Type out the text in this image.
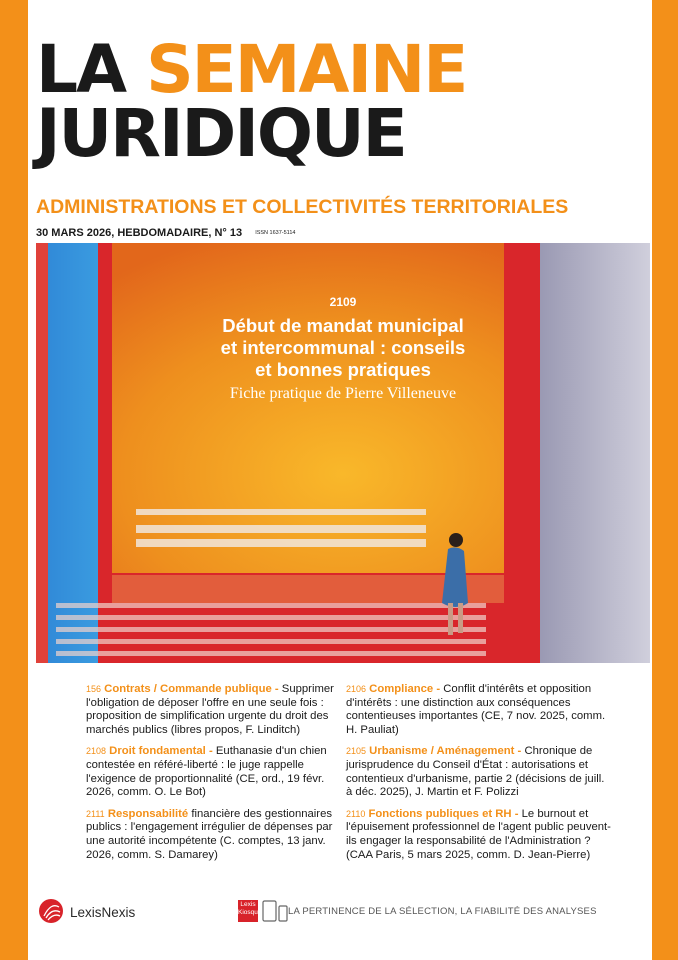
LA SEMAINE
JURIDIQUE
ADMINISTRATIONS ET COLLECTIVITÉS TERRITORIALES
30 MARS 2026, HEBDOMADAIRE, N° 13 ISSN 1637-5114
2109
Début de mandat municipal
et intercommunal : conseils
et bonnes pratiques
Fiche pratique de Pierre Villeneuve
156 Contrats / Commande publique - Supprimer l'obligation de déposer l'offre en une seule fois : proposition de simplification urgente du droit des marchés publics (libres propos, F. Linditch)
2108 Droit fondamental - Euthanasie d'un chien contestée en référé-liberté : le juge rappelle l'exigence de proportionnalité (CE, ord., 19 févr. 2026, comm. O. Le Bot)
2111 Responsabilité financière des gestionnaires publics : l'engagement irrégulier de dépenses par une autorité incompétente (C. comptes, 13 janv. 2026, comm. S. Damarey)
2106 Compliance - Conflit d'intérêts et opposition d'intérêts : une distinction aux conséquences contentieuses importantes (CE, 7 nov. 2025, comm. H. Pauliat)
2105 Urbanisme / Aménagement - Chronique de jurisprudence du Conseil d'État : autorisations et contentieux d'urbanisme, partie 2 (décisions de juill. à déc. 2025), J. Martin et F. Polizzi
2110 Fonctions publiques et RH - Le burnout et l'épuisement professionnel de l'agent public peuvent-ils engager la responsabilité de l'Administration ? (CAA Paris, 5 mars 2025, comm. D. Jean-Pierre)
LexisNexis
Lexis
Kiosque	LA PERTINENCE DE LA SÉLECTION, LA FIABILITÉ DES ANALYSES
